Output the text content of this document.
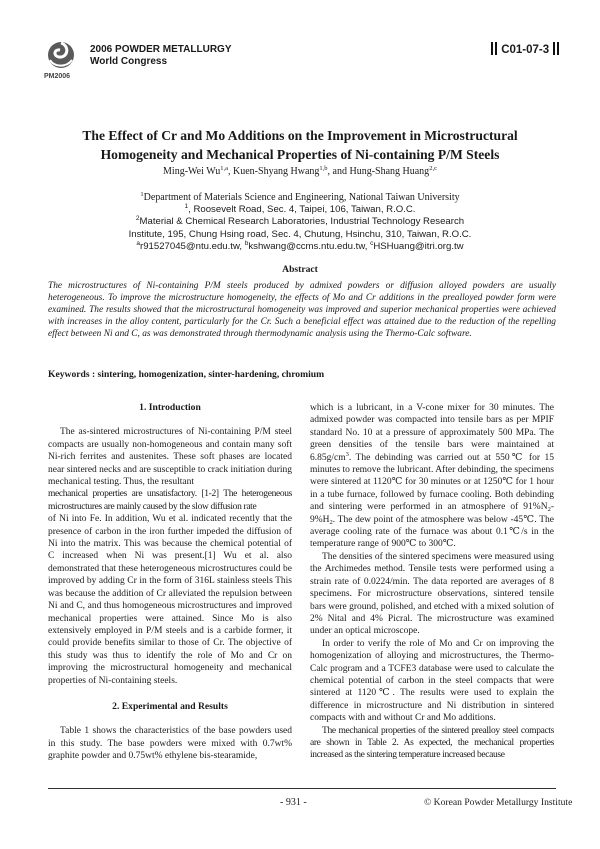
PM2006
2006 POWDER METALLURGY
World Congress
C01-07-3
The Effect of Cr and Mo Additions on the Improvement in Microstructural
Homogeneity and Mechanical Properties of Ni-containing P/M Steels
Ming-Wei Wu$^{1,a}$, Kuen-Shyang Hwang$^{1,b}$, and Hung-Shang Huang$^{2,c}$
$^1$Department of Materials Science and Engineering, National Taiwan University
$^1$, Roosevelt Road, Sec. 4, Taipei, 106, Taiwan, R.O.C.
$^2$Material & Chemical Research Laboratories, Industrial Technology Research
Institute, 195, Chung Hsing road, Sec. 4, Chutung, Hsinchu, 310, Taiwan, R.O.C.
$^a$r91527045@ntu.edu.tw, $^b$kshwang@ccms.ntu.edu.tw, $^c$HSHuang@itri.org.tw
Abstract
The microstructures of Ni-containing P/M steels produced by admixed powders or diffusion alloyed powders are usually heterogeneous. To improve the microstructure homogeneity, the effects of Mo and Cr additions in the prealloyed powder form were examined. The results showed that the microstructural homogeneity was improved and superior mechanical properties were achieved with increases in the alloy content, particularly for the Cr. Such a beneficial effect was attained due to the reduction of the repelling effect between Ni and C, as was demonstrated through thermodynamic analysis using the Thermo-Calc software.
Keywords : sintering, homogenization, sinter-hardening, chromium
1. Introduction

The as-sintered microstructures of Ni-containing P/M steel compacts are usually non-homogeneous and contain many soft Ni-rich ferrites and austenites. These soft phases are located near sintered necks and are susceptible to crack initiation during mechanical testing. Thus, the resultant

mechanical properties are unsatisfactory. [1-2] The heterogeneous microstructures are mainly caused by the slow diffusion rate

of Ni into Fe. In addition, Wu et al. indicated recently that the presence of carbon in the iron further impeded the diffusion of Ni into the matrix. This was because the chemical potential of C increased when Ni was present.[1] Wu et al. also demonstrated that these heterogeneous microstructures could be improved by adding Cr in the form of 316L stainless steels This was because the addition of Cr alleviated the repulsion between Ni and C, and thus homogeneous microstructures and improved mechanical properties were attained. Since Mo is also extensively employed in P/M steels and is a carbide former, it could provide benefits similar to those of Cr. The objective of this study was thus to identify the role of Mo and Cr on improving the microstructural homogeneity and mechanical properties of Ni-containing steels.

2. Experimental and Results

Table 1 shows the characteristics of the base powders used in this study. The base powders were mixed with 0.7wt% graphite powder and 0.75wt% ethylene bis-stearamide,

which is a lubricant, in a V-cone mixer for 30 minutes. The admixed powder was compacted into tensile bars as per MPIF standard No. 10 at a pressure of approximately 500 MPa. The green densities of the tensile bars were maintained at $6.85g/cm^3$. The debinding was carried out at 550℃ for 15 minutes to remove the lubricant. After debinding, the specimens were sintered at 1120℃ for 30 minutes or at 1250℃ for 1 hour in a tube furnace, followed by furnace cooling. Both debinding and sintering were performed in an atmosphere of $91\%N_2-9\%H_2$. The dew point of the atmosphere was below -45℃. The average cooling rate of the furnace was about 0.1℃/s in the temperature range of 900℃ to 300℃.

The densities of the sintered specimens were measured using the Archimedes method. Tensile tests were performed using a strain rate of 0.0224/min. The data reported are averages of 8 specimens. For microstructure observations, sintered tensile bars were ground, polished, and etched with a mixed solution of 2% Nital and 4% Picral. The microstructure was examined under an optical microscope.

In order to verify the role of Mo and Cr on improving the homogenization of alloying and microstructures, the Thermo-Calc program and a TCFE3 database were used to calculate the chemical potential of carbon in the steel compacts that were sintered at 1120℃. The results were used to explain the difference in microstructure and Ni distribution in sintered compacts with and without Cr and Mo additions.

The mechanical properties of the sintered prealloy steel compacts are shown in Table 2. As expected, the mechanical properties increased as the sintering temperature increased because

- 931 -	© Korean Powder Metallurgy Institute
